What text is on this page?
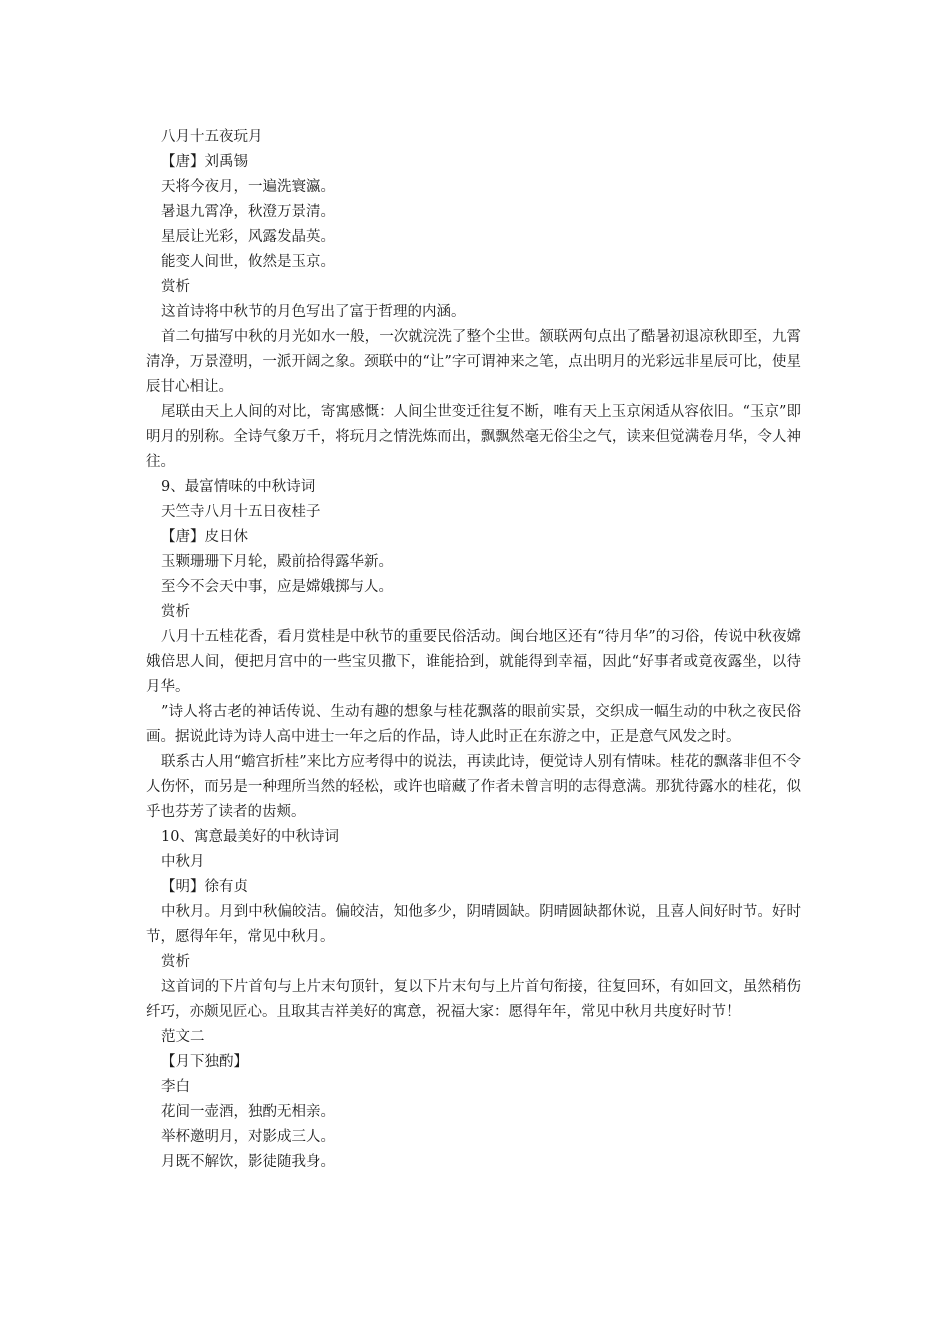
八月十五夜玩月

【唐】刘禹锡

天将今夜月，一遍洗寰瀛。

暑退九霄净，秋澄万景清。

星辰让光彩，风露发晶英。

能变人间世，攸然是玉京。

赏析

这首诗将中秋节的月色写出了富于哲理的内涵。

首二句描写中秋的月光如水一般，一次就浣洗了整个尘世。颔联两句点出了酷暑初退凉秋即至，九霄清净，万景澄明，一派开阔之象。颈联中的“让”字可谓神来之笔，点出明月的光彩远非星辰可比，使星辰甘心相让。

尾联由天上人间的对比，寄寓感慨：人间尘世变迁往复不断，唯有天上玉京闲适从容依旧。“玉京”即明月的别称。全诗气象万千，将玩月之情洗炼而出，飘飘然毫无俗尘之气，读来但觉满卷月华，令人神往。

9、最富情味的中秋诗词

天竺寺八月十五日夜桂子

【唐】皮日休

玉颗珊珊下月轮，殿前拾得露华新。

至今不会天中事，应是嫦娥掷与人。

赏析

八月十五桂花香，看月赏桂是中秋节的重要民俗活动。闽台地区还有“待月华”的习俗，传说中秋夜嫦娥倍思人间，便把月宫中的一些宝贝撒下，谁能拾到，就能得到幸福，因此“好事者或竟夜露坐，以待月华。

”诗人将古老的神话传说、生动有趣的想象与桂花飘落的眼前实景，交织成一幅生动的中秋之夜民俗画。据说此诗为诗人高中进士一年之后的作品，诗人此时正在东游之中，正是意气风发之时。

联系古人用“蟾宫折桂”来比方应考得中的说法，再读此诗，便觉诗人别有情味。桂花的飘落非但不令人伤怀，而另是一种理所当然的轻松，或许也暗藏了作者未曾言明的志得意满。那犹待露水的桂花，似乎也芬芳了读者的齿颊。

10、寓意最美好的中秋诗词

中秋月

【明】徐有贞

中秋月。月到中秋偏皎洁。偏皎洁，知他多少，阴晴圆缺。阴晴圆缺都休说，且喜人间好时节。好时节，愿得年年，常见中秋月。

赏析

这首词的下片首句与上片末句顶针，复以下片末句与上片首句衔接，往复回环，有如回文，虽然稍伤纤巧，亦颇见匠心。且取其吉祥美好的寓意，祝福大家：愿得年年，常见中秋月共度好时节！

范文二

【月下独酌】

李白

花间一壶酒，独酌无相亲。

举杯邀明月，对影成三人。

月既不解饮，影徒随我身。
